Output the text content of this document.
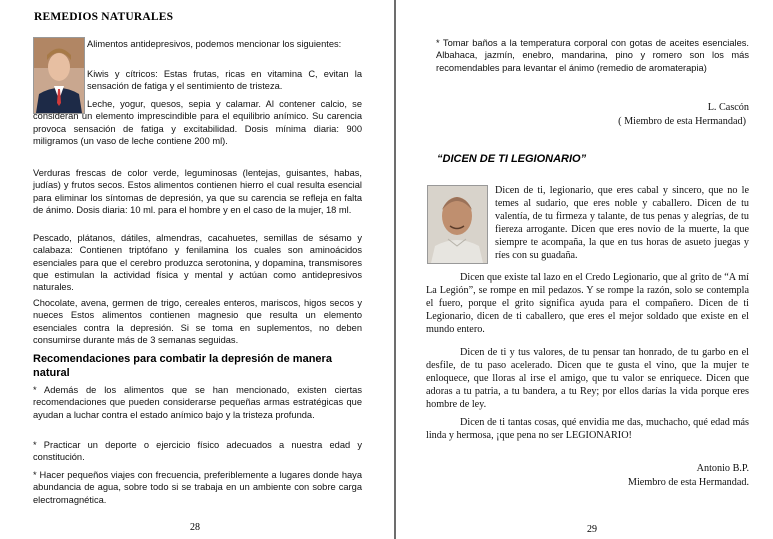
REMEDIOS NATURALES

Alimentos antidepresivos, podemos mencionar los siguientes:

Kiwis y cítricos: Estas frutas, ricas en vitamina C, evitan la sensación de fatiga y el sentimiento de tristeza.

Leche, yogur, quesos, sepia y calamar. Al contener calcio, se consideran un elemento imprescindible para el equilibrio anímico. Su carencia provoca sensación de fatiga y excitabilidad. Dosis mínima diaria: 900 miligramos (un vaso de leche contiene 200 ml).

Verduras frescas de color verde, leguminosas (lentejas, guisantes, habas, judías) y frutos secos. Estos alimentos contienen hierro el cual resulta esencial para eliminar los síntomas de depresión, ya que su carencia se refleja en falta de ánimo. Dosis diaria: 10 ml. para el hombre y en el caso de la mujer, 18 ml.

Pescado, plátanos, dátiles, almendras, cacahuetes, semillas de sésamo y calabaza: Contienen triptófano y fenilamina los cuales son aminoácidos esenciales para que el cerebro produzca serotonina, y dopamina, transmisores que estimulan la actividad física y mental y actúan como antidepresivos naturales.

Chocolate, avena, germen de trigo, cereales enteros, mariscos, higos secos y nueces Estos alimentos contienen magnesio que resulta un elemento esenciales contra la depresión. Si se toma en suplementos, no deben consumirse durante más de 3 semanas seguidas.

Recomendaciones para combatir la depresión de manera natural

* Además de los alimentos que se han mencionado, existen ciertas recomendaciones que pueden considerarse pequeñas armas estratégicas que ayudan a luchar contra el estado anímico bajo y la tristeza profunda.

* Practicar un deporte o ejercicio físico adecuados a nuestra edad y constitución.

* Hacer pequeños viajes con frecuencia, preferiblemente a lugares donde haya abundancia de agua, sobre todo si se trabaja en un ambiente con sobre carga electromagnética.

28

* Tomar baños a la temperatura corporal con gotas de aceites esenciales. Albahaca, jazmín, enebro, mandarina, pino y romero son los más recomendables para levantar el ánimo (remedio de aromaterapia)

L. Cascón

( Miembro de esta Hermandad)

“DICEN DE TI LEGIONARIO”

Dicen de ti, legionario, que eres cabal y sincero, que no le temes al sudario, que eres noble y caballero. Dicen de tu valentía, de tu firmeza y talante, de tus penas y alegrías, de tu fiereza arrogante. Dicen que eres novio de la muerte, la que siempre te acompaña, la que en tus horas de asueto juegas y ríes con su guadaña.

Dicen que existe tal lazo en el Credo Legionario, que al grito de “A mí La Legión”, se rompe en mil pedazos. Y se rompe la razón, solo se contempla el fuero, porque el grito significa ayuda para el compañero. Dicen de ti Legionario, dicen de ti caballero, que eres el mejor soldado que existe en el mundo entero.

Dicen de ti y tus valores, de tu pensar tan honrado, de tu garbo en el desfile, de tu paso acelerado. Dicen que te gusta el vino, que la mujer te enloquece, que lloras al irse el amigo, que tu valor se enriquece. Dicen que adoras a tu patria, a tu bandera, a tu Rey; por ellos darías la vida porque eres hombre de ley.

Dicen de ti tantas cosas, qué envidia me das, muchacho, qué edad más linda y hermosa, ¡que pena no ser LEGIONARIO!

Antonio B.P.

Miembro de esta Hermandad.

29
